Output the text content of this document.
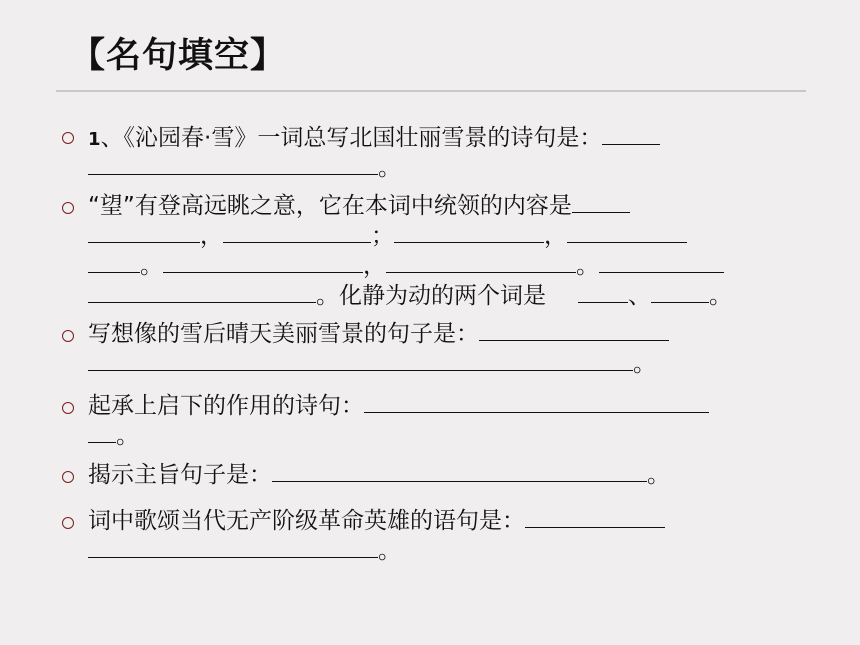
【名句填空】
1、《沁园春·雪》一词总写北国壮丽雪景的诗句是：
。
“望”有登高远眺之意，它在本词中统领的内容是
，	；	，
。	，	。
。化静为动的两个词是	、	。
写想像的雪后晴天美丽雪景的句子是：
。
起承上启下的作用的诗句：
。
揭示主旨句子是：	。
词中歌颂当代无产阶级革命英雄的语句是：
。
